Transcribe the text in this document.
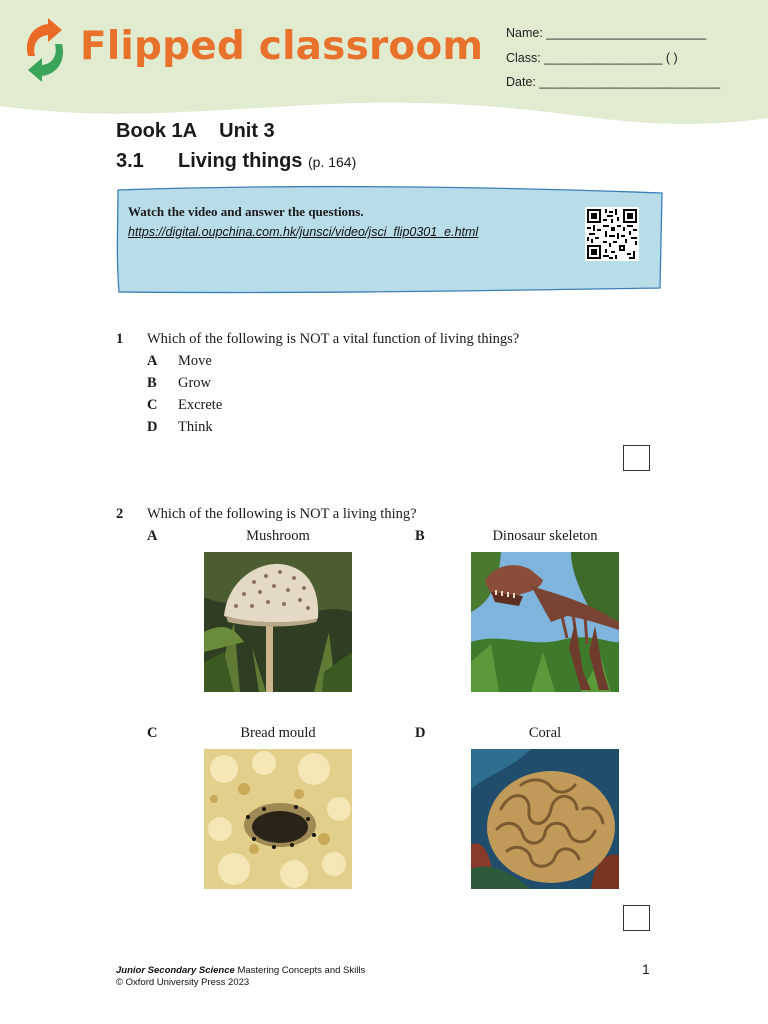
Flipped classroom Name: _______________________
Class: _________________ ( )
Date: __________________________
Book 1A Unit 3
3.1 Living things (p. 164)
Watch the video and answer the questions.
https://digital.oupchina.com.hk/junsci/video/jsci_flip0301_e.html
1 Which of the following is NOT a vital function of living things?
A Move
B Grow
C Excrete
D Think
2 Which of the following is NOT a living thing?
A	Mushroom	B	Dinosaur skeleton
C	Bread mould	D	Coral
Junior Secondary Science Mastering Concepts and Skills
© Oxford University Press 2023
1
